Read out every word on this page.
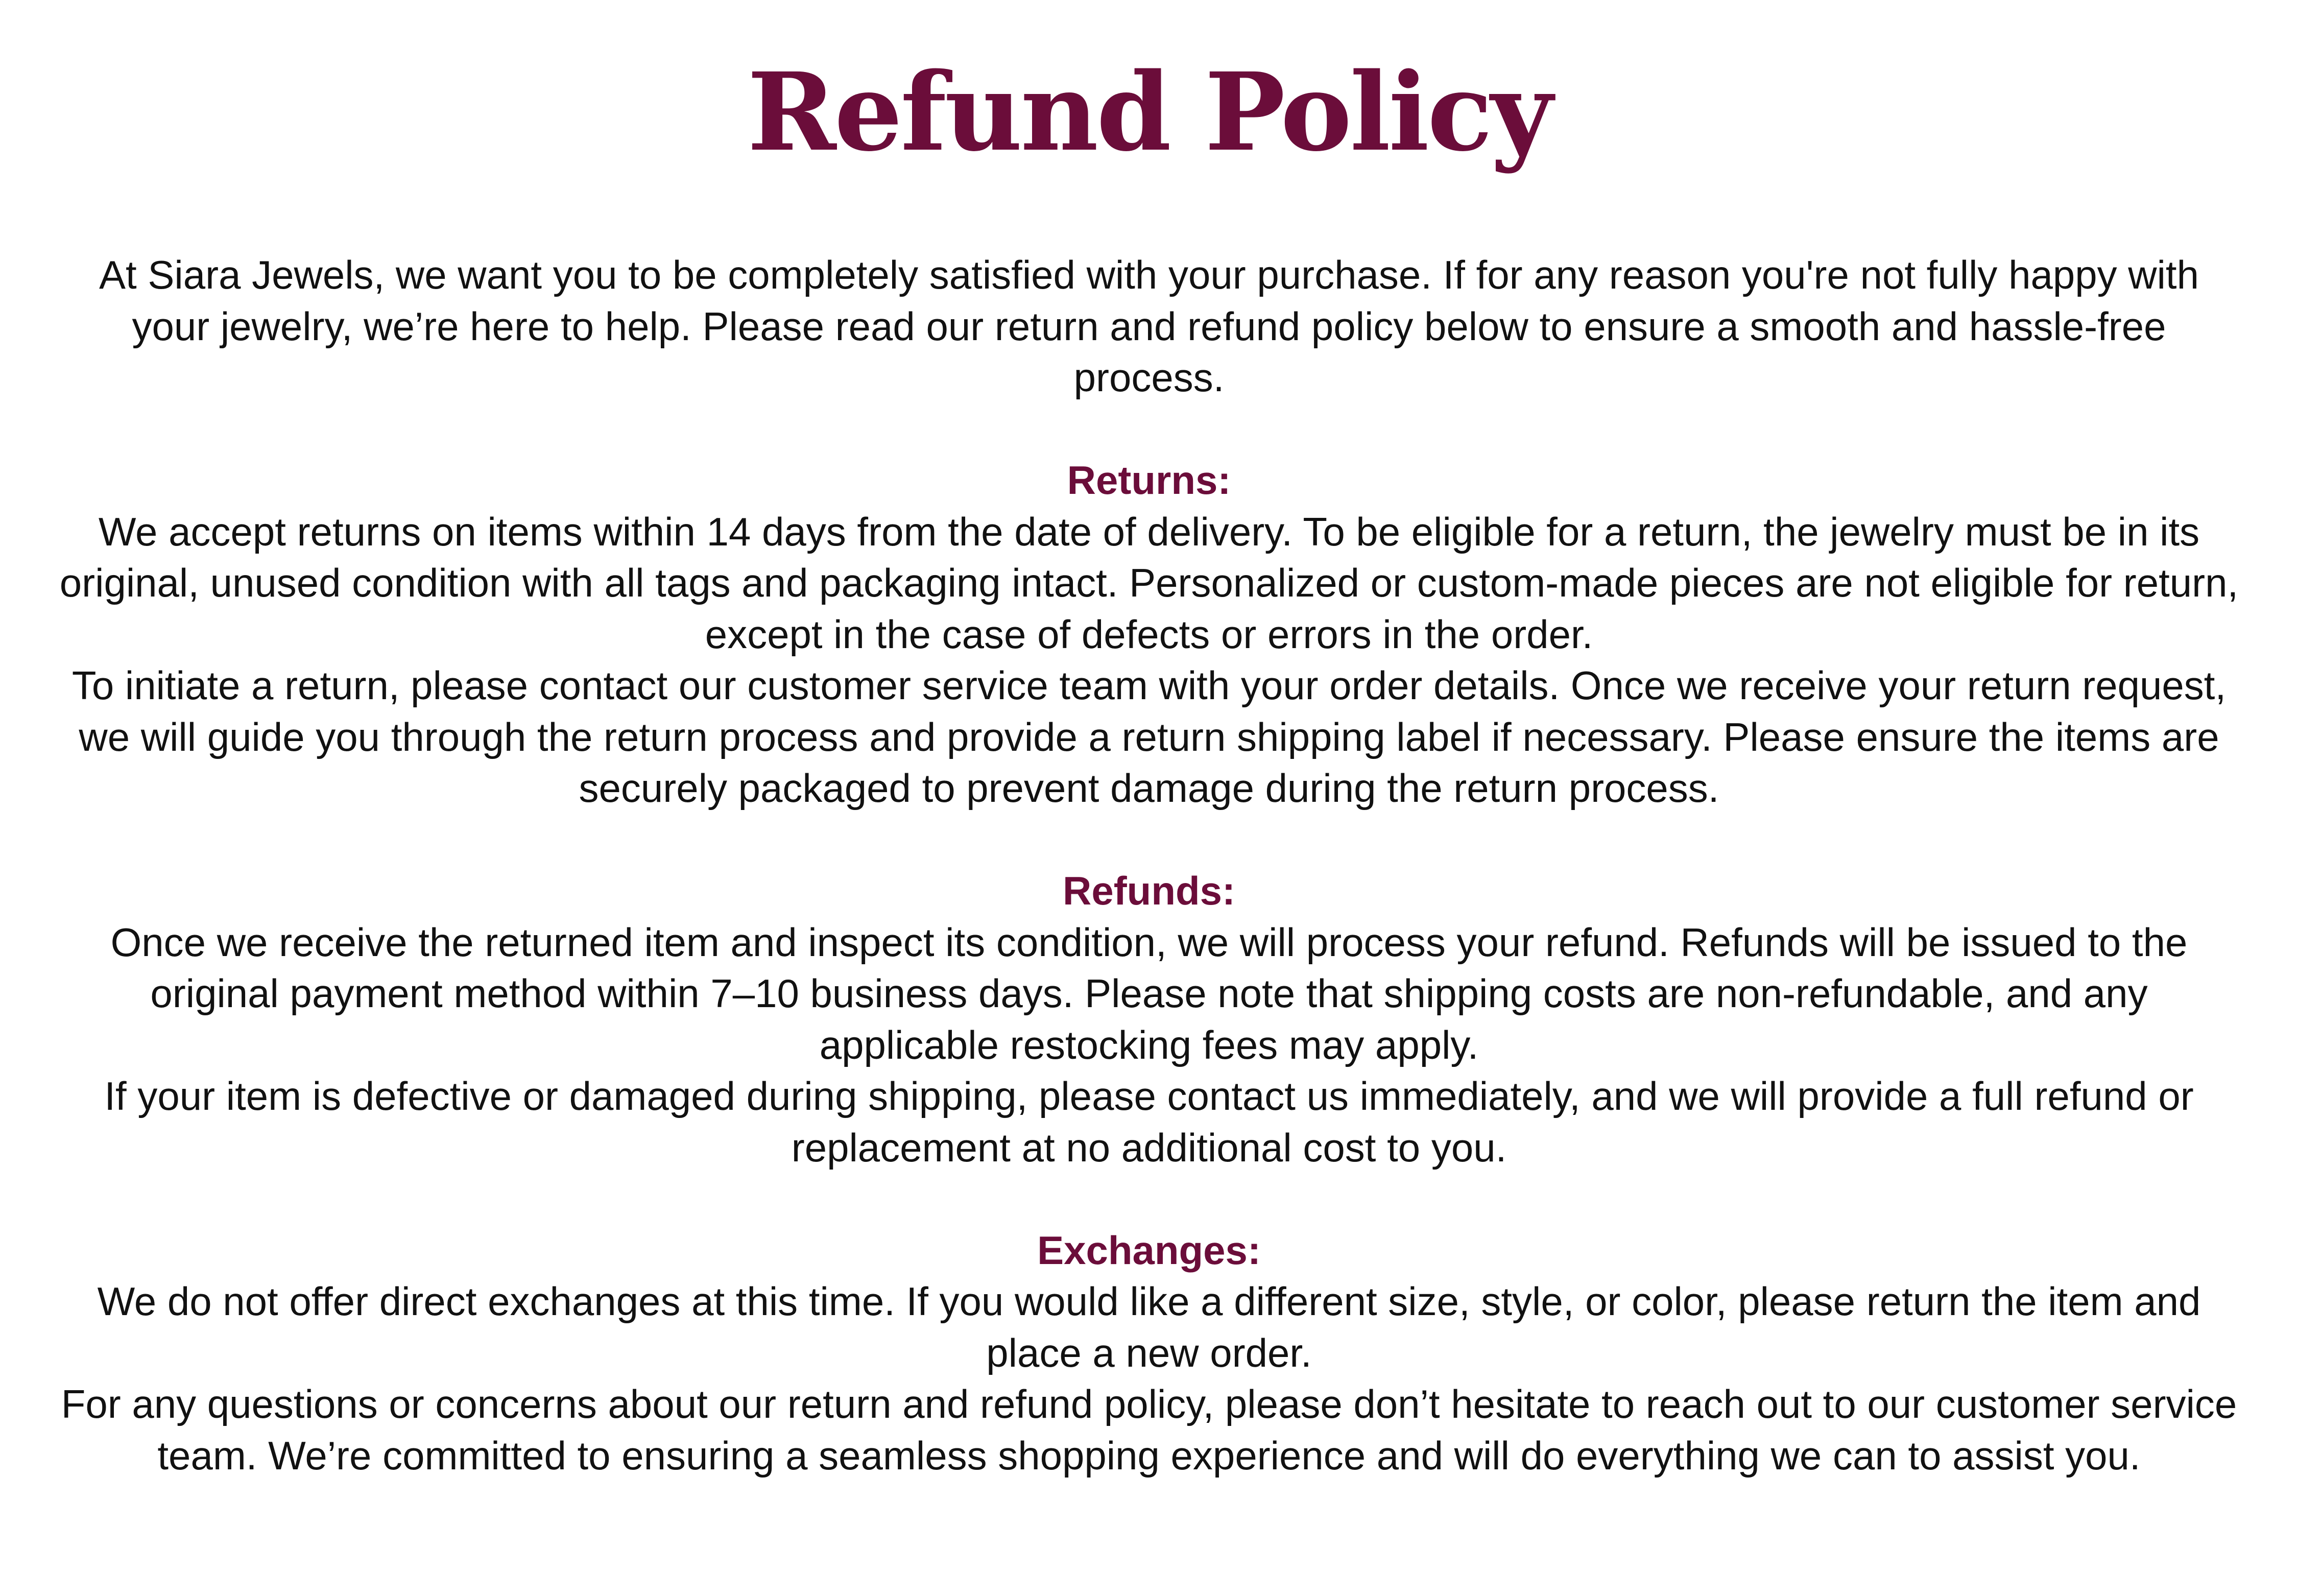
Refund Policy

At Siara Jewels, we want you to be completely satisfied with your purchase. If for any reason you're not fully happy with your jewelry, we’re here to help. Please read our return and refund policy below to ensure a smooth and hassle-free process.

Returns:

We accept returns on items within 14 days from the date of delivery. To be eligible for a return, the jewelry must be in its original, unused condition with all tags and packaging intact. Personalized or custom-made pieces are not eligible for return, except in the case of defects or errors in the order.

To initiate a return, please contact our customer service team with your order details. Once we receive your return request, we will guide you through the return process and provide a return shipping label if necessary. Please ensure the items are securely packaged to prevent damage during the return process.

Refunds:

Once we receive the returned item and inspect its condition, we will process your refund. Refunds will be issued to the original payment method within 7–10 business days. Please note that shipping costs are non-refundable, and any applicable restocking fees may apply.

If your item is defective or damaged during shipping, please contact us immediately, and we will provide a full refund or replacement at no additional cost to you.

Exchanges:

We do not offer direct exchanges at this time. If you would like a different size, style, or color, please return the item and place a new order.

For any questions or concerns about our return and refund policy, please don’t hesitate to reach out to our customer service team. We’re committed to ensuring a seamless shopping experience and will do everything we can to assist you.
